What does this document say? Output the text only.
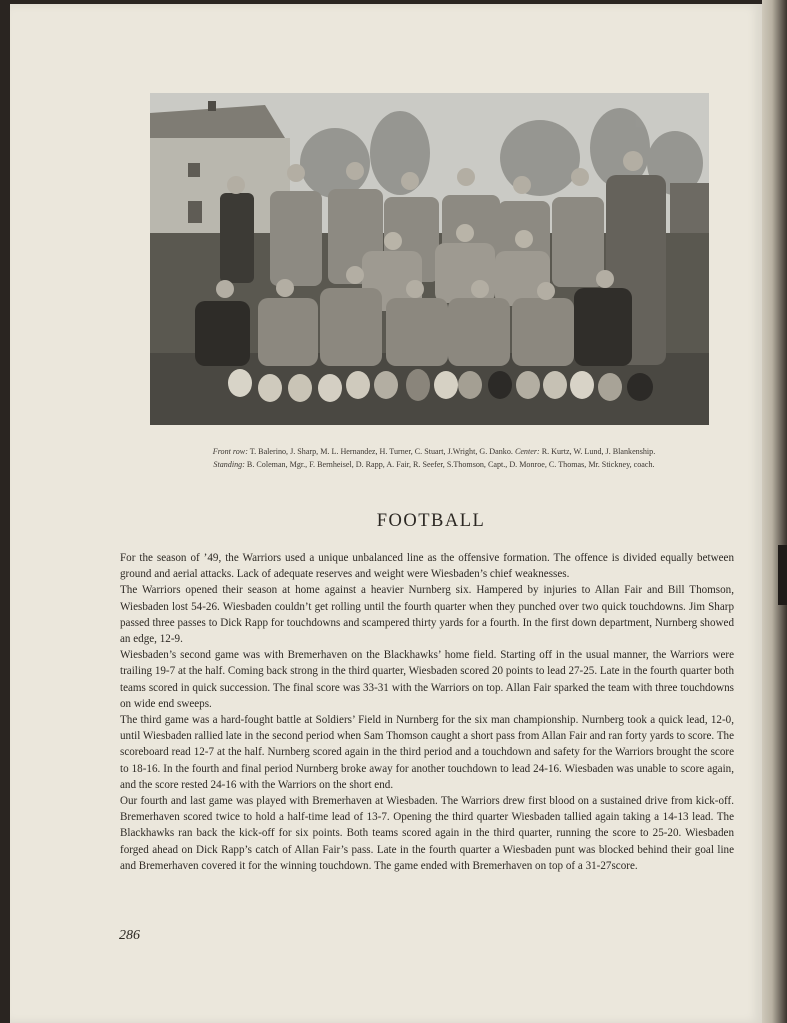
Front row: T. Balerino, J. Sharp, M. L. Hernandez, H. Turner, C. Stuart, J.Wright, G. Danko. Center: R. Kurtz, W. Lund, J. Blankenship.
Standing: B. Coleman, Mgr., F. Bernheisel, D. Rapp, A. Fair, R. Seefer, S.Thomson, Capt., D. Monroe, C. Thomas, Mr. Stickney, coach.
FOOTBALL

For the season of ’49, the Warriors used a unique unbalanced line as the offensive formation. The offence is divided equally between ground and aerial attacks. Lack of adequate reserves and weight were Wiesbaden’s chief weaknesses.

The Warriors opened their season at home against a heavier Nurnberg six. Hampered by injuries to Allan Fair and Bill Thomson, Wiesbaden lost 54-26. Wiesbaden couldn’t get rolling until the fourth quarter when they punched over two quick touchdowns. Jim Sharp passed three passes to Dick Rapp for touchdowns and scampered thirty yards for a fourth. In the first down department, Nurnberg showed an edge, 12-9.

Wiesbaden’s second game was with Bremerhaven on the Blackhawks’ home field. Starting off in the usual manner, the Warriors were trailing 19-7 at the half. Coming back strong in the third quarter, Wiesbaden scored 20 points to lead 27-25. Late in the fourth quarter both teams scored in quick succession. The final score was 33-31 with the Warriors on top. Allan Fair sparked the team with three touchdowns on wide end sweeps.

The third game was a hard-fought battle at Soldiers’ Field in Nurnberg for the six man championship. Nurnberg took a quick lead, 12-0, until Wiesbaden rallied late in the second period when Sam Thomson caught a short pass from Allan Fair and ran forty yards to score. The scoreboard read 12-7 at the half. Nurnberg scored again in the third period and a touchdown and safety for the Warriors brought the score to 18-16. In the fourth and final period Nurnberg broke away for another touchdown to lead 24-16. Wiesbaden was unable to score again, and the score rested 24-16 with the Warriors on the short end.

Our fourth and last game was played with Bremerhaven at Wiesbaden. The Warriors drew first blood on a sustained drive from kick-off. Bremerhaven scored twice to hold a half-time lead of 13-7. Opening the third quarter Wiesbaden tallied again taking a 14-13 lead. The Blackhawks ran back the kick-off for six points. Both teams scored again in the third quarter, running the score to 25-20. Wiesbaden forged ahead on Dick Rapp’s catch of Allan Fair’s pass. Late in the fourth quarter a Wiesbaden punt was blocked behind their goal line and Bremerhaven covered it for the winning touchdown. The game ended with Bremerhaven on top of a 31-27score.

286
